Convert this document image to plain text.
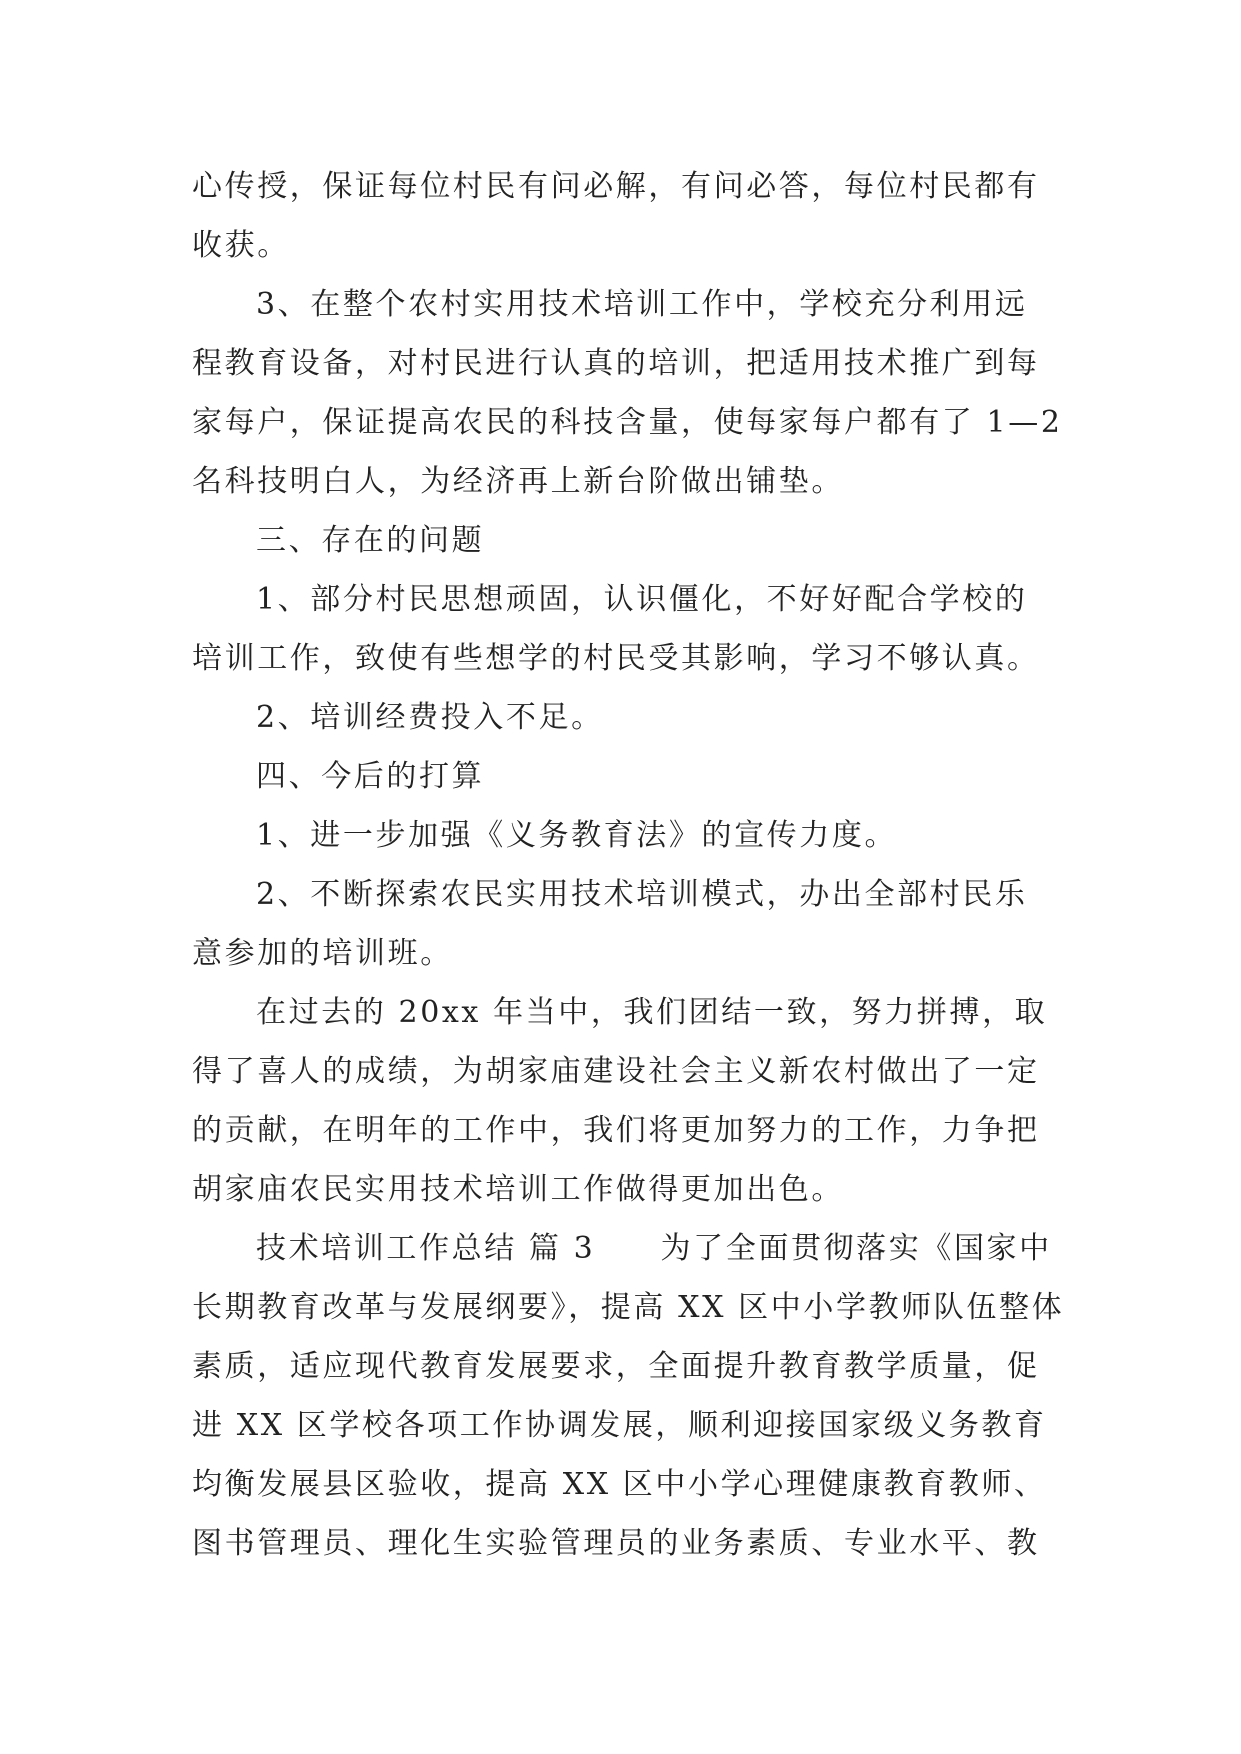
心传授，保证每位村民有问必解，有问必答，每位村民都有
收获。
3、在整个农村实用技术培训工作中，学校充分利用远
程教育设备，对村民进行认真的培训，把适用技术推广到每
家每户，保证提高农民的科技含量，使每家每户都有了 1—2
名科技明白人，为经济再上新台阶做出铺垫。
三、存在的问题
1、部分村民思想顽固，认识僵化，不好好配合学校的
培训工作，致使有些想学的村民受其影响，学习不够认真。
2、培训经费投入不足。
四、今后的打算
1、进一步加强《义务教育法》的宣传力度。
2、不断探索农民实用技术培训模式，办出全部村民乐
意参加的培训班。
在过去的 20xx 年当中，我们团结一致，努力拼搏，取
得了喜人的成绩，为胡家庙建设社会主义新农村做出了一定
的贡献，在明年的工作中，我们将更加努力的工作，力争把
胡家庙农民实用技术培训工作做得更加出色。
技术培训工作总结 篇 3　　为了全面贯彻落实《国家中
长期教育改革与发展纲要》，提高 XX 区中小学教师队伍整体
素质，适应现代教育发展要求，全面提升教育教学质量，促
进 XX 区学校各项工作协调发展，顺利迎接国家级义务教育
均衡发展县区验收，提高 XX 区中小学心理健康教育教师、
图书管理员、理化生实验管理员的业务素质、专业水平、教
